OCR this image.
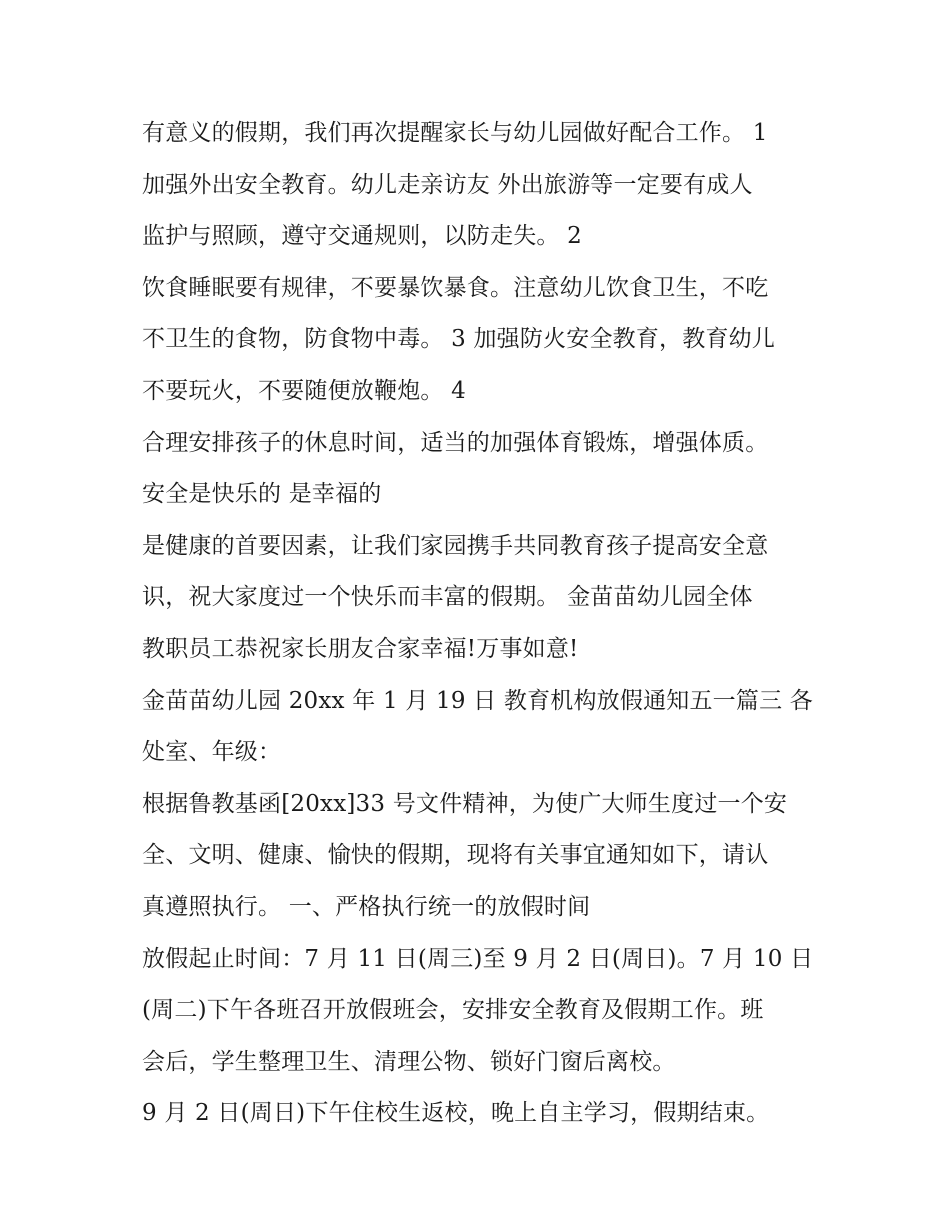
有意义的假期，我们再次提醒家长与幼儿园做好配合工作。 1
加强外出安全教育。幼儿走亲访友 外出旅游等一定要有成人
监护与照顾，遵守交通规则，以防走失。 2
饮食睡眠要有规律，不要暴饮暴食。注意幼儿饮食卫生，不吃
不卫生的食物，防食物中毒。 3 加强防火安全教育，教育幼儿
不要玩火，不要随便放鞭炮。 4
合理安排孩子的休息时间，适当的加强体育锻炼，增强体质。
安全是快乐的 是幸福的
是健康的首要因素，让我们家园携手共同教育孩子提高安全意
识，祝大家度过一个快乐而丰富的假期。 金苗苗幼儿园全体
教职员工恭祝家长朋友合家幸福!万事如意!
金苗苗幼儿园 20xx 年 1 月 19 日 教育机构放假通知五一篇三 各
处室、年级：
根据鲁教基函[20xx]33 号文件精神，为使广大师生度过一个安
全、文明、健康、愉快的假期，现将有关事宜通知如下，请认
真遵照执行。 一、严格执行统一的放假时间
放假起止时间：7 月 11 日(周三)至 9 月 2 日(周日)。7 月 10 日
(周二)下午各班召开放假班会，安排安全教育及假期工作。班
会后，学生整理卫生、清理公物、锁好门窗后离校。
9 月 2 日(周日)下午住校生返校，晚上自主学习，假期结束。
